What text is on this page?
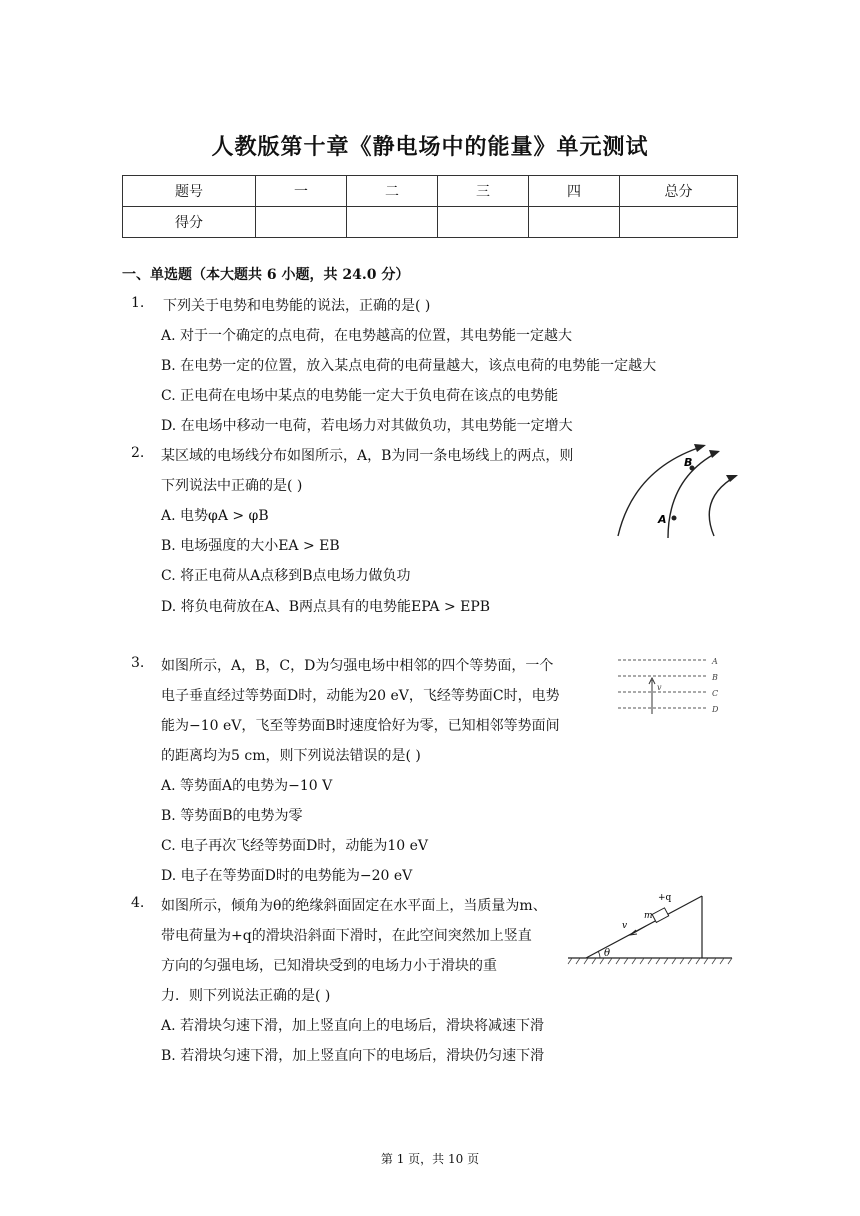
人教版第十章《静电场中的能量》单元测试
题号	一	二	三	四	总分
得分					
一、单选题（本大题共 6 小题，共 24.0 分）
1. 下列关于电势和电势能的说法，正确的是( )
A. 对于一个确定的点电荷，在电势越高的位置，其电势能一定越大
B. 在电势一定的位置，放入某点电荷的电荷量越大，该点电荷的电势能一定越大
C. 正电荷在电场中某点的电势能一定大于负电荷在该点的电势能
D. 在电场中移动一电荷，若电场力对其做负功，其电势能一定增大
2. 某区域的电场线分布如图所示，A，B为同一条电场线上的两点，则
下列说法中正确的是( )
A. 电势φA > φB
B. 电场强度的大小EA > EB
C. 将正电荷从A点移到B点电场力做负功
D. 将负电荷放在A、B两点具有的电势能EPA > EPB
A
B
3. 如图所示，A，B，C，D为匀强电场中相邻的四个等势面，一个
电子垂直经过等势面D时，动能为20 eV，飞经等势面C时，电势
能为−10 eV，飞至等势面B时速度恰好为零，已知相邻等势面间
的距离均为5 cm，则下列说法错误的是( )
A. 等势面A的电势为−10 V
B. 等势面B的电势为零
C. 电子再次飞经等势面D时，动能为10 eV
D. 电子在等势面D时的电势能为−20 eV
v
A
B
C
D
4. 如图所示，倾角为θ的绝缘斜面固定在水平面上，当质量为m、
带电荷量为+q的滑块沿斜面下滑时，在此空间突然加上竖直
方向的匀强电场，已知滑块受到的电场力小于滑块的重
力．则下列说法正确的是( )
A. 若滑块匀速下滑，加上竖直向上的电场后，滑块将减速下滑
B. 若滑块匀速下滑，加上竖直向下的电场后，滑块仍匀速下滑
θ
+q
m
v
第 1 页，共 10 页
